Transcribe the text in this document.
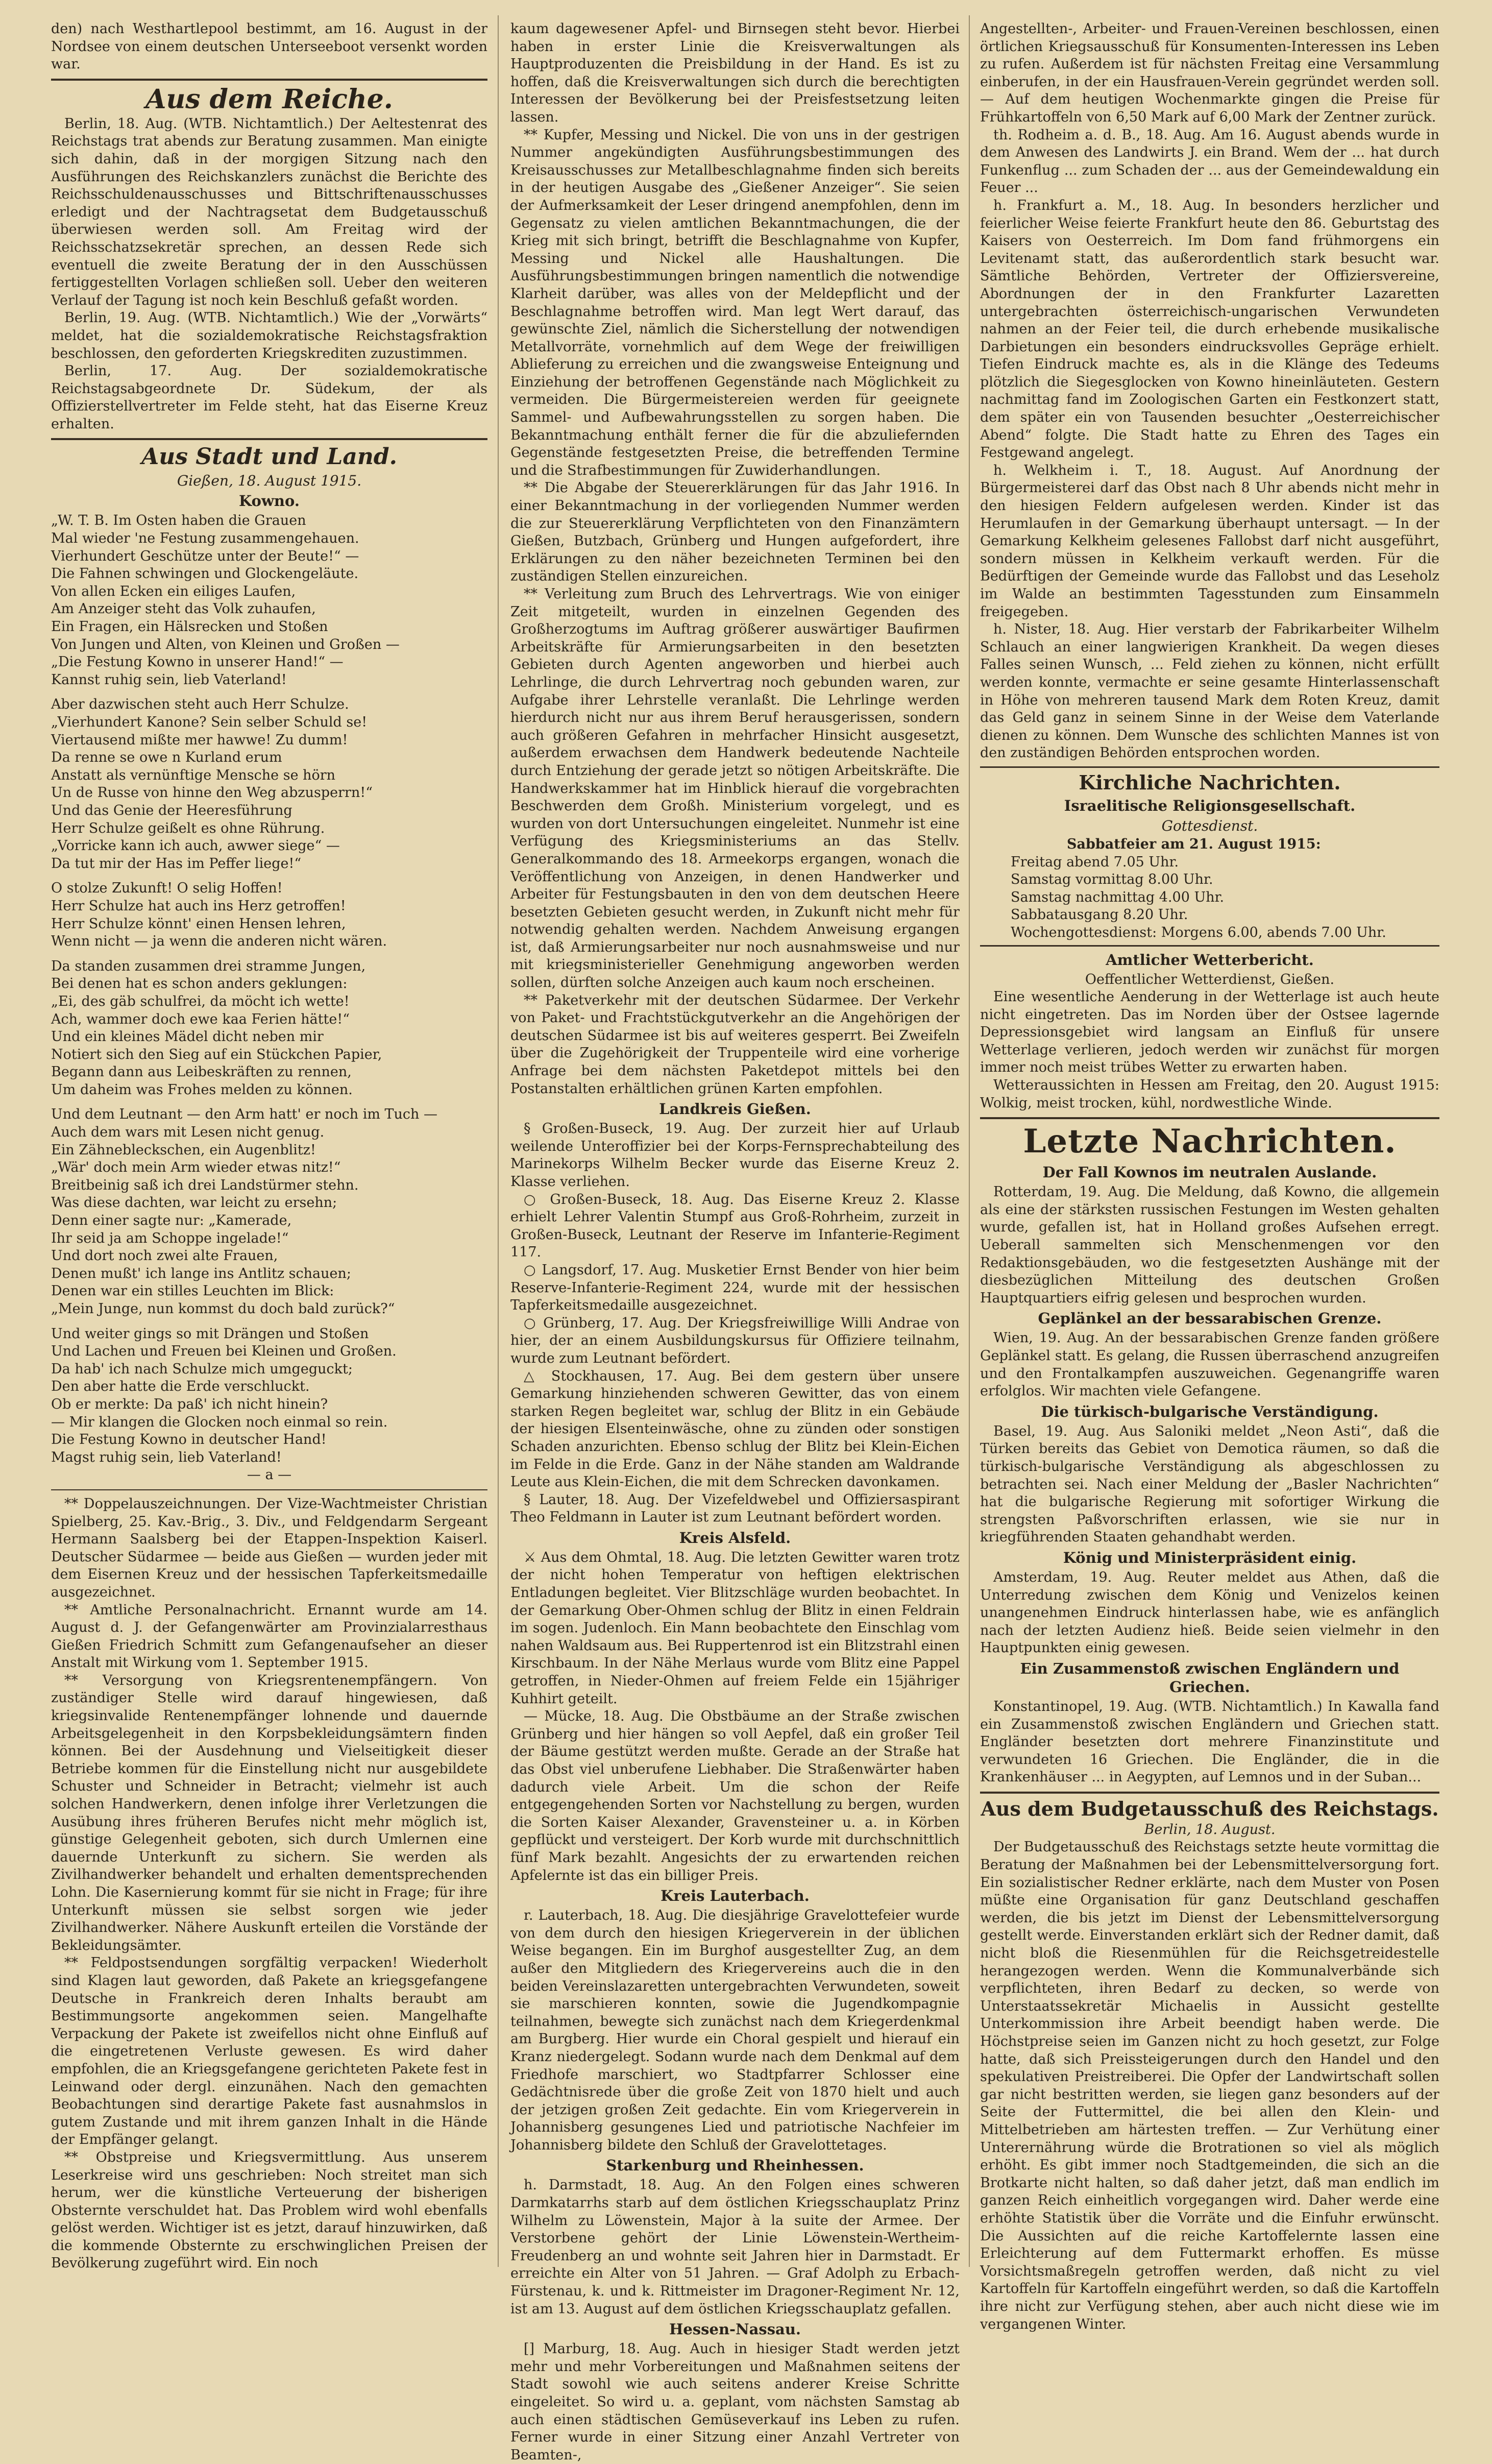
den) nach Westhartlepool bestimmt, am 16. August in der Nordsee von einem deutschen Unterseeboot versenkt worden war.

Aus dem Reiche.

Berlin, 18. Aug. (WTB. Nichtamtlich.) Der Aeltestenrat des Reichstags trat abends zur Beratung zusammen. Man einigte sich dahin, daß in der morgigen Sitzung nach den Ausführungen des Reichskanzlers zunächst die Berichte des Reichsschuldenausschusses und Bittschriftenausschusses erledigt und der Nachtragsetat dem Budgetausschuß überwiesen werden soll. Am Freitag wird der Reichsschatzsekretär sprechen, an dessen Rede sich eventuell die zweite Beratung der in den Ausschüssen fertiggestellten Vorlagen schließen soll. Ueber den weiteren Verlauf der Tagung ist noch kein Beschluß gefaßt worden.

Berlin, 19. Aug. (WTB. Nichtamtlich.) Wie der „Vorwärts“ meldet, hat die sozialdemokratische Reichstagsfraktion beschlossen, den geforderten Kriegskrediten zuzustimmen.

Berlin, 17. Aug. Der sozialdemokratische Reichstagsabgeordnete Dr. Südekum, der als Offizierstellvertreter im Felde steht, hat das Eiserne Kreuz erhalten.

Aus Stadt und Land.
Gießen, 18. August 1915.
Kowno.

„W. T. B. Im Osten haben die Grauen

Mal wieder 'ne Festung zusammengehauen.

Vierhundert Geschütze unter der Beute!“ —

Die Fahnen schwingen und Glockengeläute.

Von allen Ecken ein eiliges Laufen,

Am Anzeiger steht das Volk zuhaufen,

Ein Fragen, ein Hälsrecken und Stoßen

Von Jungen und Alten, von Kleinen und Großen —

„Die Festung Kowno in unserer Hand!“ —

Kannst ruhig sein, lieb Vaterland!

Aber dazwischen steht auch Herr Schulze.

„Vierhundert Kanone? Sein selber Schuld se!

Viertausend mißte mer hawwe! Zu dumm!

Da renne se owe n Kurland erum

Anstatt als vernünftige Mensche se hörn

Un de Russe von hinne den Weg abzusperrn!“

Und das Genie der Heeresführung

Herr Schulze geißelt es ohne Rührung.

„Vorricke kann ich auch, awwer siege“ —

Da tut mir der Has im Peffer liege!“

O stolze Zukunft! O selig Hoffen!

Herr Schulze hat auch ins Herz getroffen!

Herr Schulze könnt' einen Hensen lehren,

Wenn nicht — ja wenn die anderen nicht wären.

Da standen zusammen drei stramme Jungen,

Bei denen hat es schon anders geklungen:

„Ei, des gäb schulfrei, da möcht ich wette!

Ach, wammer doch ewe kaa Ferien hätte!“

Und ein kleines Mädel dicht neben mir

Notiert sich den Sieg auf ein Stückchen Papier,

Begann dann aus Leibeskräften zu rennen,

Um daheim was Frohes melden zu können.

Und dem Leutnant — den Arm hatt' er noch im Tuch —

Auch dem wars mit Lesen nicht genug.

Ein Zähnebleckschen, ein Augenblitz!

„Wär' doch mein Arm wieder etwas nitz!“

Breitbeinig saß ich drei Landstürmer stehn.

Was diese dachten, war leicht zu ersehn;

Denn einer sagte nur: „Kamerade,

Ihr seid ja am Schoppe ingelade!“

Und dort noch zwei alte Frauen,

Denen mußt' ich lange ins Antlitz schauen;

Denen war ein stilles Leuchten im Blick:

„Mein Junge, nun kommst du doch bald zurück?“

Und weiter gings so mit Drängen und Stoßen

Und Lachen und Freuen bei Kleinen und Großen.

Da hab' ich nach Schulze mich umgeguckt;

Den aber hatte die Erde verschluckt.

Ob er merkte: Da paß' ich nicht hinein?

— Mir klangen die Glocken noch einmal so rein.

Die Festung Kowno in deutscher Hand!

Magst ruhig sein, lieb Vaterland!

— a —

** Doppelauszeichnungen. Der Vize-Wachtmeister Christian Spielberg, 25. Kav.-Brig., 3. Div., und Feldgendarm Sergeant Hermann Saalsberg bei der Etappen-Inspektion Kaiserl. Deutscher Südarmee — beide aus Gießen — wurden jeder mit dem Eisernen Kreuz und der hessischen Tapferkeitsmedaille ausgezeichnet.

** Amtliche Personalnachricht. Ernannt wurde am 14. August d. J. der Gefangenwärter am Provinzialarresthaus Gießen Friedrich Schmitt zum Gefangenaufseher an dieser Anstalt mit Wirkung vom 1. September 1915.

** Versorgung von Kriegsrentenempfängern. Von zuständiger Stelle wird darauf hingewiesen, daß kriegsinvalide Rentenempfänger lohnende und dauernde Arbeitsgelegenheit in den Korpsbekleidungsämtern finden können. Bei der Ausdehnung und Vielseitigkeit dieser Betriebe kommen für die Einstellung nicht nur ausgebildete Schuster und Schneider in Betracht; vielmehr ist auch solchen Handwerkern, denen infolge ihrer Verletzungen die Ausübung ihres früheren Berufes nicht mehr möglich ist, günstige Gelegenheit geboten, sich durch Umlernen eine dauernde Unterkunft zu sichern. Sie werden als Zivilhandwerker behandelt und erhalten dementsprechenden Lohn. Die Kasernierung kommt für sie nicht in Frage; für ihre Unterkunft müssen sie selbst sorgen wie jeder Zivilhandwerker. Nähere Auskunft erteilen die Vorstände der Bekleidungsämter.

** Feldpostsendungen sorgfältig verpacken! Wiederholt sind Klagen laut geworden, daß Pakete an kriegsgefangene Deutsche in Frankreich deren Inhalts beraubt am Bestimmungsorte angekommen seien. Mangelhafte Verpackung der Pakete ist zweifellos nicht ohne Einfluß auf die eingetretenen Verluste gewesen. Es wird daher empfohlen, die an Kriegsgefangene gerichteten Pakete fest in Leinwand oder dergl. einzunähen. Nach den gemachten Beobachtungen sind derartige Pakete fast ausnahmslos in gutem Zustande und mit ihrem ganzen Inhalt in die Hände der Empfänger gelangt.

** Obstpreise und Kriegsvermittlung. Aus unserem Leserkreise wird uns geschrieben: Noch streitet man sich herum, wer die künstliche Verteuerung der bisherigen Obsternte verschuldet hat. Das Problem wird wohl ebenfalls gelöst werden. Wichtiger ist es jetzt, darauf hinzuwirken, daß die kommende Obsternte zu erschwinglichen Preisen der Bevölkerung zugeführt wird. Ein noch

kaum dagewesener Apfel- und Birnsegen steht bevor. Hierbei haben in erster Linie die Kreisverwaltungen als Hauptproduzenten die Preisbildung in der Hand. Es ist zu hoffen, daß die Kreisverwaltungen sich durch die berechtigten Interessen der Bevölkerung bei der Preisfestsetzung leiten lassen.

** Kupfer, Messing und Nickel. Die von uns in der gestrigen Nummer angekündigten Ausführungsbestimmungen des Kreisausschusses zur Metallbeschlagnahme finden sich bereits in der heutigen Ausgabe des „Gießener Anzeiger“. Sie seien der Aufmerksamkeit der Leser dringend anempfohlen, denn im Gegensatz zu vielen amtlichen Bekanntmachungen, die der Krieg mit sich bringt, betrifft die Beschlagnahme von Kupfer, Messing und Nickel alle Haushaltungen. Die Ausführungsbestimmungen bringen namentlich die notwendige Klarheit darüber, was alles von der Meldepflicht und der Beschlagnahme betroffen wird. Man legt Wert darauf, das gewünschte Ziel, nämlich die Sicherstellung der notwendigen Metallvorräte, vornehmlich auf dem Wege der freiwilligen Ablieferung zu erreichen und die zwangsweise Enteignung und Einziehung der betroffenen Gegenstände nach Möglichkeit zu vermeiden. Die Bürgermeistereien werden für geeignete Sammel- und Aufbewahrungsstellen zu sorgen haben. Die Bekanntmachung enthält ferner die für die abzuliefernden Gegenstände festgesetzten Preise, die betreffenden Termine und die Strafbestimmungen für Zuwiderhandlungen.

** Die Abgabe der Steuererklärungen für das Jahr 1916. In einer Bekanntmachung in der vorliegenden Nummer werden die zur Steuererklärung Verpflichteten von den Finanzämtern Gießen, Butzbach, Grünberg und Hungen aufgefordert, ihre Erklärungen zu den näher bezeichneten Terminen bei den zuständigen Stellen einzureichen.

** Verleitung zum Bruch des Lehrvertrags. Wie von einiger Zeit mitgeteilt, wurden in einzelnen Gegenden des Großherzogtums im Auftrag größerer auswärtiger Baufirmen Arbeitskräfte für Armierungsarbeiten in den besetzten Gebieten durch Agenten angeworben und hierbei auch Lehrlinge, die durch Lehrvertrag noch gebunden waren, zur Aufgabe ihrer Lehrstelle veranlaßt. Die Lehrlinge werden hierdurch nicht nur aus ihrem Beruf herausgerissen, sondern auch größeren Gefahren in mehrfacher Hinsicht ausgesetzt, außerdem erwachsen dem Handwerk bedeutende Nachteile durch Entziehung der gerade jetzt so nötigen Arbeitskräfte. Die Handwerkskammer hat im Hinblick hierauf die vorgebrachten Beschwerden dem Großh. Ministerium vorgelegt, und es wurden von dort Untersuchungen eingeleitet. Nunmehr ist eine Verfügung des Kriegsministeriums an das Stellv. Generalkommando des 18. Armeekorps ergangen, wonach die Veröffentlichung von Anzeigen, in denen Handwerker und Arbeiter für Festungsbauten in den von dem deutschen Heere besetzten Gebieten gesucht werden, in Zukunft nicht mehr für notwendig gehalten werden. Nachdem Anweisung ergangen ist, daß Armierungsarbeiter nur noch ausnahmsweise und nur mit kriegsministerieller Genehmigung angeworben werden sollen, dürften solche Anzeigen auch kaum noch erscheinen.

** Paketverkehr mit der deutschen Südarmee. Der Verkehr von Paket- und Frachtstückgutverkehr an die Angehörigen der deutschen Südarmee ist bis auf weiteres gesperrt. Bei Zweifeln über die Zugehörigkeit der Truppenteile wird eine vorherige Anfrage bei dem nächsten Paketdepot mittels bei den Postanstalten erhältlichen grünen Karten empfohlen.

Landkreis Gießen.

§ Großen-Buseck, 19. Aug. Der zurzeit hier auf Urlaub weilende Unteroffizier bei der Korps-Fernsprechabteilung des Marinekorps Wilhelm Becker wurde das Eiserne Kreuz 2. Klasse verliehen.

○ Großen-Buseck, 18. Aug. Das Eiserne Kreuz 2. Klasse erhielt Lehrer Valentin Stumpf aus Groß-Rohrheim, zurzeit in Großen-Buseck, Leutnant der Reserve im Infanterie-Regiment 117.

○ Langsdorf, 17. Aug. Musketier Ernst Bender von hier beim Reserve-Infanterie-Regiment 224, wurde mit der hessischen Tapferkeitsmedaille ausgezeichnet.

○ Grünberg, 17. Aug. Der Kriegsfreiwillige Willi Andrae von hier, der an einem Ausbildungskursus für Offiziere teilnahm, wurde zum Leutnant befördert.

△ Stockhausen, 17. Aug. Bei dem gestern über unsere Gemarkung hinziehenden schweren Gewitter, das von einem starken Regen begleitet war, schlug der Blitz in ein Gebäude der hiesigen Elsenteinwäsche, ohne zu zünden oder sonstigen Schaden anzurichten. Ebenso schlug der Blitz bei Klein-Eichen im Felde in die Erde. Ganz in der Nähe standen am Waldrande Leute aus Klein-Eichen, die mit dem Schrecken davonkamen.

§ Lauter, 18. Aug. Der Vizefeldwebel und Offiziersaspirant Theo Feldmann in Lauter ist zum Leutnant befördert worden.

Kreis Alsfeld.

⚔ Aus dem Ohmtal, 18. Aug. Die letzten Gewitter waren trotz der nicht hohen Temperatur von heftigen elektrischen Entladungen begleitet. Vier Blitzschläge wurden beobachtet. In der Gemarkung Ober-Ohmen schlug der Blitz in einen Feldrain im sogen. Judenloch. Ein Mann beobachtete den Einschlag vom nahen Waldsaum aus. Bei Ruppertenrod ist ein Blitzstrahl einen Kirschbaum. In der Nähe Merlaus wurde vom Blitz eine Pappel getroffen, in Nieder-Ohmen auf freiem Felde ein 15jähriger Kuhhirt geteilt.

— Mücke, 18. Aug. Die Obstbäume an der Straße zwischen Grünberg und hier hängen so voll Aepfel, daß ein großer Teil der Bäume gestützt werden mußte. Gerade an der Straße hat das Obst viel unberufene Liebhaber. Die Straßenwärter haben dadurch viele Arbeit. Um die schon der Reife entgegengehenden Sorten vor Nachstellung zu bergen, wurden die Sorten Kaiser Alexander, Gravensteiner u. a. in Körben gepflückt und versteigert. Der Korb wurde mit durchschnittlich fünf Mark bezahlt. Angesichts der zu erwartenden reichen Apfelernte ist das ein billiger Preis.

Kreis Lauterbach.

r. Lauterbach, 18. Aug. Die diesjährige Gravelottefeier wurde von dem durch den hiesigen Kriegerverein in der üblichen Weise begangen. Ein im Burghof ausgestellter Zug, an dem außer den Mitgliedern des Kriegervereins auch die in den beiden Vereinslazaretten untergebrachten Verwundeten, soweit sie marschieren konnten, sowie die Jugendkompagnie teilnahmen, bewegte sich zunächst nach dem Kriegerdenkmal am Burgberg. Hier wurde ein Choral gespielt und hierauf ein Kranz niedergelegt. Sodann wurde nach dem Denkmal auf dem Friedhofe marschiert, wo Stadtpfarrer Schlosser eine Gedächtnisrede über die große Zeit von 1870 hielt und auch der jetzigen großen Zeit gedachte. Ein vom Kriegerverein in Johannisberg gesungenes Lied und patriotische Nachfeier im Johannisberg bildete den Schluß der Gravelottetages.

Starkenburg und Rheinhessen.

h. Darmstadt, 18. Aug. An den Folgen eines schweren Darmkatarrhs starb auf dem östlichen Kriegsschauplatz Prinz Wilhelm zu Löwenstein, Major à la suite der Armee. Der Verstorbene gehört der Linie Löwenstein-Wertheim-Freudenberg an und wohnte seit Jahren hier in Darmstadt. Er erreichte ein Alter von 51 Jahren. — Graf Adolph zu Erbach-Fürstenau, k. und k. Rittmeister im Dragoner-Regiment Nr. 12, ist am 13. August auf dem östlichen Kriegsschauplatz gefallen.

Hessen-Nassau.

[] Marburg, 18. Aug. Auch in hiesiger Stadt werden jetzt mehr und mehr Vorbereitungen und Maßnahmen seitens der Stadt sowohl wie auch seitens anderer Kreise Schritte eingeleitet. So wird u. a. geplant, vom nächsten Samstag ab auch einen städtischen Gemüseverkauf ins Leben zu rufen. Ferner wurde in einer Sitzung einer Anzahl Vertreter von Beamten-,

Angestellten-, Arbeiter- und Frauen-Vereinen beschlossen, einen örtlichen Kriegsausschuß für Konsumenten-Interessen ins Leben zu rufen. Außerdem ist für nächsten Freitag eine Versammlung einberufen, in der ein Hausfrauen-Verein gegründet werden soll. — Auf dem heutigen Wochenmarkte gingen die Preise für Frühkartoffeln von 6,50 Mark auf 6,00 Mark der Zentner zurück.

th. Rodheim a. d. B., 18. Aug. Am 16. August abends wurde in dem Anwesen des Landwirts J. ein Brand. Wem der ... hat durch Funkenflug ... zum Schaden der ... aus der Gemeindewaldung ein Feuer ...

h. Frankfurt a. M., 18. Aug. In besonders herzlicher und feierlicher Weise feierte Frankfurt heute den 86. Geburtstag des Kaisers von Oesterreich. Im Dom fand frühmorgens ein Levitenamt statt, das außerordentlich stark besucht war. Sämtliche Behörden, Vertreter der Offiziersvereine, Abordnungen der in den Frankfurter Lazaretten untergebrachten österreichisch-ungarischen Verwundeten nahmen an der Feier teil, die durch erhebende musikalische Darbietungen ein besonders eindrucksvolles Gepräge erhielt. Tiefen Eindruck machte es, als in die Klänge des Tedeums plötzlich die Siegesglocken von Kowno hineinläuteten. Gestern nachmittag fand im Zoologischen Garten ein Festkonzert statt, dem später ein von Tausenden besuchter „Oesterreichischer Abend“ folgte. Die Stadt hatte zu Ehren des Tages ein Festgewand angelegt.

h. Welkheim i. T., 18. August. Auf Anordnung der Bürgermeisterei darf das Obst nach 8 Uhr abends nicht mehr in den hiesigen Feldern aufgelesen werden. Kinder ist das Herumlaufen in der Gemarkung überhaupt untersagt. — In der Gemarkung Kelkheim gelesenes Fallobst darf nicht ausgeführt, sondern müssen in Kelkheim verkauft werden. Für die Bedürftigen der Gemeinde wurde das Fallobst und das Leseholz im Walde an bestimmten Tagesstunden zum Einsammeln freigegeben.

h. Nister, 18. Aug. Hier verstarb der Fabrikarbeiter Wilhelm Schlauch an einer langwierigen Krankheit. Da wegen dieses Falles seinen Wunsch, ... Feld ziehen zu können, nicht erfüllt werden konnte, vermachte er seine gesamte Hinterlassenschaft in Höhe von mehreren tausend Mark dem Roten Kreuz, damit das Geld ganz in seinem Sinne in der Weise dem Vaterlande dienen zu können. Dem Wunsche des schlichten Mannes ist von den zuständigen Behörden entsprochen worden.

Kirchliche Nachrichten.
Israelitische Religionsgesellschaft.
Gottesdienst.

Sabbatfeier am 21. August 1915:

Freitag abend 7.05 Uhr.

Samstag vormittag 8.00 Uhr.

Samstag nachmittag 4.00 Uhr.

Sabbatausgang 8.20 Uhr.

Wochengottesdienst: Morgens 6.00, abends 7.00 Uhr.

Amtlicher Wetterbericht.

Oeffentlicher Wetterdienst, Gießen.

Eine wesentliche Aenderung in der Wetterlage ist auch heute nicht eingetreten. Das im Norden über der Ostsee lagernde Depressionsgebiet wird langsam an Einfluß für unsere Wetterlage verlieren, jedoch werden wir zunächst für morgen immer noch meist trübes Wetter zu erwarten haben.

Wetteraussichten in Hessen am Freitag, den 20. August 1915: Wolkig, meist trocken, kühl, nordwestliche Winde.

Letzte Nachrichten.
Der Fall Kownos im neutralen Auslande.

Rotterdam, 19. Aug. Die Meldung, daß Kowno, die allgemein als eine der stärksten russischen Festungen im Westen gehalten wurde, gefallen ist, hat in Holland großes Aufsehen erregt. Ueberall sammelten sich Menschenmengen vor den Redaktionsgebäuden, wo die festgesetzten Aushänge mit der diesbezüglichen Mitteilung des deutschen Großen Hauptquartiers eifrig gelesen und besprochen wurden.

Geplänkel an der bessarabischen Grenze.

Wien, 19. Aug. An der bessarabischen Grenze fanden größere Geplänkel statt. Es gelang, die Russen überraschend anzugreifen und den Frontalkampfen auszuweichen. Gegenangriffe waren erfolglos. Wir machten viele Gefangene.

Die türkisch-bulgarische Verständigung.

Basel, 19. Aug. Aus Saloniki meldet „Neon Asti“, daß die Türken bereits das Gebiet von Demotica räumen, so daß die türkisch-bulgarische Verständigung als abgeschlossen zu betrachten sei. Nach einer Meldung der „Basler Nachrichten“ hat die bulgarische Regierung mit sofortiger Wirkung die strengsten Paßvorschriften erlassen, wie sie nur in kriegführenden Staaten gehandhabt werden.

König und Ministerpräsident einig.

Amsterdam, 19. Aug. Reuter meldet aus Athen, daß die Unterredung zwischen dem König und Venizelos keinen unangenehmen Eindruck hinterlassen habe, wie es anfänglich nach der letzten Audienz hieß. Beide seien vielmehr in den Hauptpunkten einig gewesen.

Ein Zusammenstoß zwischen Engländern und Griechen.

Konstantinopel, 19. Aug. (WTB. Nichtamtlich.) In Kawalla fand ein Zusammenstoß zwischen Engländern und Griechen statt. Engländer besetzten dort mehrere Finanzinstitute und verwundeten 16 Griechen. Die Engländer, die in die Krankenhäuser ... in Aegypten, auf Lemnos und in der Suban...

Aus dem Budgetausschuß des Reichstags.

Berlin, 18. August.

Der Budgetausschuß des Reichstags setzte heute vormittag die Beratung der Maßnahmen bei der Lebensmittelversorgung fort. Ein sozialistischer Redner erklärte, nach dem Muster von Posen müßte eine Organisation für ganz Deutschland geschaffen werden, die bis jetzt im Dienst der Lebensmittelversorgung gestellt werde. Einverstanden erklärt sich der Redner damit, daß nicht bloß die Riesenmühlen für die Reichsgetreidestelle herangezogen werden. Wenn die Kommunalverbände sich verpflichteten, ihren Bedarf zu decken, so werde von Unterstaatssekretär Michaelis in Aussicht gestellte Unterkommission ihre Arbeit beendigt haben werde. Die Höchstpreise seien im Ganzen nicht zu hoch gesetzt, zur Folge hatte, daß sich Preissteigerungen durch den Handel und den spekulativen Preistreiberei. Die Opfer der Landwirtschaft sollen gar nicht bestritten werden, sie liegen ganz besonders auf der Seite der Futtermittel, die bei allen den Klein- und Mittelbetrieben am härtesten treffen. — Zur Verhütung einer Unterernährung würde die Brotrationen so viel als möglich erhöht. Es gibt immer noch Stadtgemeinden, die sich an die Brotkarte nicht halten, so daß daher jetzt, daß man endlich im ganzen Reich einheitlich vorgegangen wird. Daher werde eine erhöhte Statistik über die Vorräte und die Einfuhr erwünscht. Die Aussichten auf die reiche Kartoffelernte lassen eine Erleichterung auf dem Futtermarkt erhoffen. Es müsse Vorsichtsmaßregeln getroffen werden, daß nicht zu viel Kartoffeln für Kartoffeln eingeführt werden, so daß die Kartoffeln ihre nicht zur Verfügung stehen, aber auch nicht diese wie im vergangenen Winter.
